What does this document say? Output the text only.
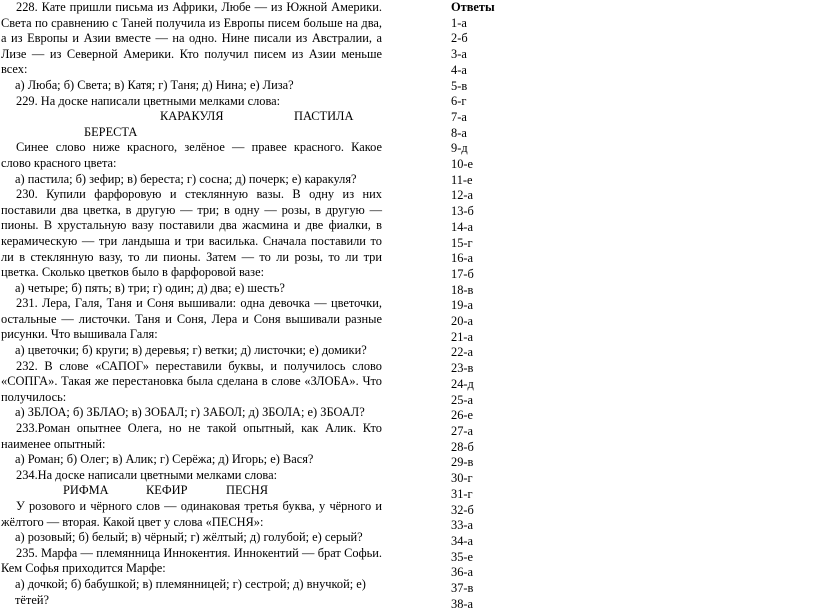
228. Кате пришли письма из Африки, Любе — из Южной Америки. Света по сравнению с Таней получила из Европы писем больше на два, а из Европы и Азии вместе — на одно. Нине писали из Австралии, а Лизе — из Северной Америки. Кто получил писем из Азии меньше всех:

а) Люба; б) Света; в) Катя; г) Таня; д) Нина; е) Лиза?

229. На доске написали цветными мелками слова:

КАРАКУЛЯ	ПАСТИЛА
БЕРЕСТА

Синее слово ниже красного, зелёное — правее красного. Какое слово красного цвета:

а) пастила; б) зефир; в) береста; г) сосна; д) почерк; е) каракуля?

230. Купили фарфоровую и стеклянную вазы. В одну из них поставили два цветка, в другую — три; в одну — розы, в другую — пионы. В хрустальную вазу поставили два жасмина и две фиалки, в керамическую — три ландыша и три василька. Сначала поставили то ли в стеклянную вазу, то ли пионы. Затем — то ли розы, то ли три цветка. Сколько цветков было в фарфоровой вазе:

а) четыре; б) пять; в) три; г) один; д) два; е) шесть?

231. Лера, Галя, Таня и Соня вышивали: одна девочка — цветочки, остальные — листочки. Таня и Соня, Лера и Соня вышивали разные рисунки. Что вышивала Галя:

а) цветочки; б) круги; в) деревья; г) ветки; д) листочки; е) домики?

232. В слове «САПОГ» переставили буквы, и получилось слово «СОПГА». Такая же перестановка была сделана в слове «ЗЛОБА». Что получилось:

а) ЗБЛОА; б) ЗБЛАО; в) ЗОБАЛ; г) ЗАБОЛ; д) ЗБОЛА; е) ЗБОАЛ?

233.Роман опытнее Олега, но не такой опытный, как Алик. Кто наименее опытный:

а) Роман; б) Олег; в) Алик; г) Серёжа; д) Игорь; е) Вася?

234.На доске написали цветными мелками слова:

РИФМА	КЕФИР	ПЕСНЯ

У розового и чёрного слов — одинаковая третья буква, у чёрного и жёлтого — вторая. Какой цвет у слова «ПЕСНЯ»:

а) розовый; б) белый; в) чёрный; г) жёлтый; д) голубой; е) серый?

235. Марфа — племянница Иннокентия. Иннокентий — брат Софьи. Кем Софья приходится Марфе:

а) дочкой; б) бабушкой; в) племянницей; г) сестрой; д) внучкой; е) тётей?

Ответы
1-а
2-б
3-а
4-а
5-в
6-г
7-а
8-а
9-д
10-е
11-е
12-а
13-б
14-а
15-г
16-а
17-б
18-в
19-а
20-а
21-а
22-а
23-в
24-д
25-а
26-е
27-а
28-б
29-в
30-г
31-г
32-б
33-а
34-а
35-е
36-а
37-в
38-а
